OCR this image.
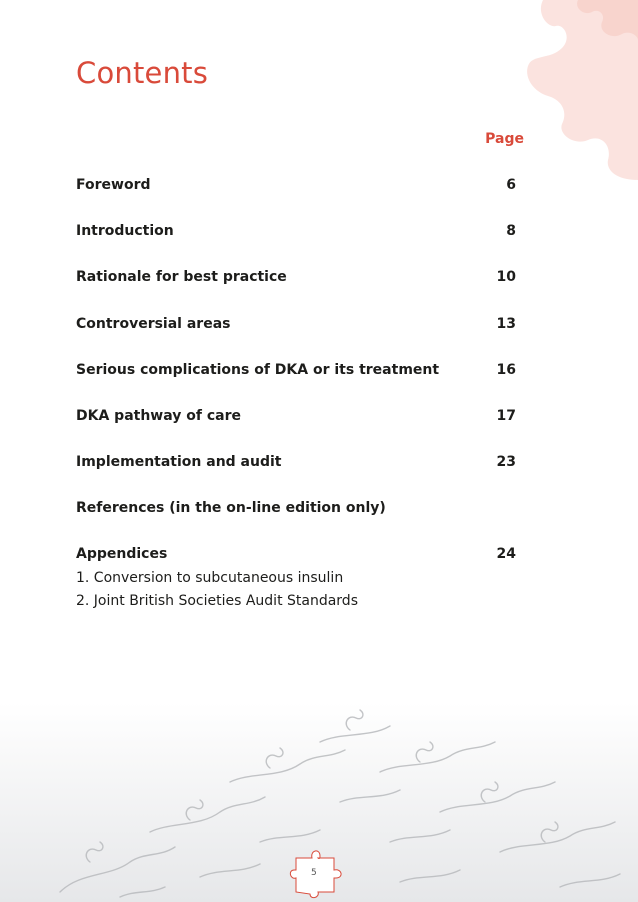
Contents
Page
Foreword	6
Introduction	8
Rationale for best practice	10
Controversial areas	13
Serious complications of DKA or its treatment	16
DKA pathway of care	17
Implementation and audit	23
References (in the on-line edition only)
Appendices	24
1. Conversion to subcutaneous insulin
2. Joint British Societies Audit Standards
5
